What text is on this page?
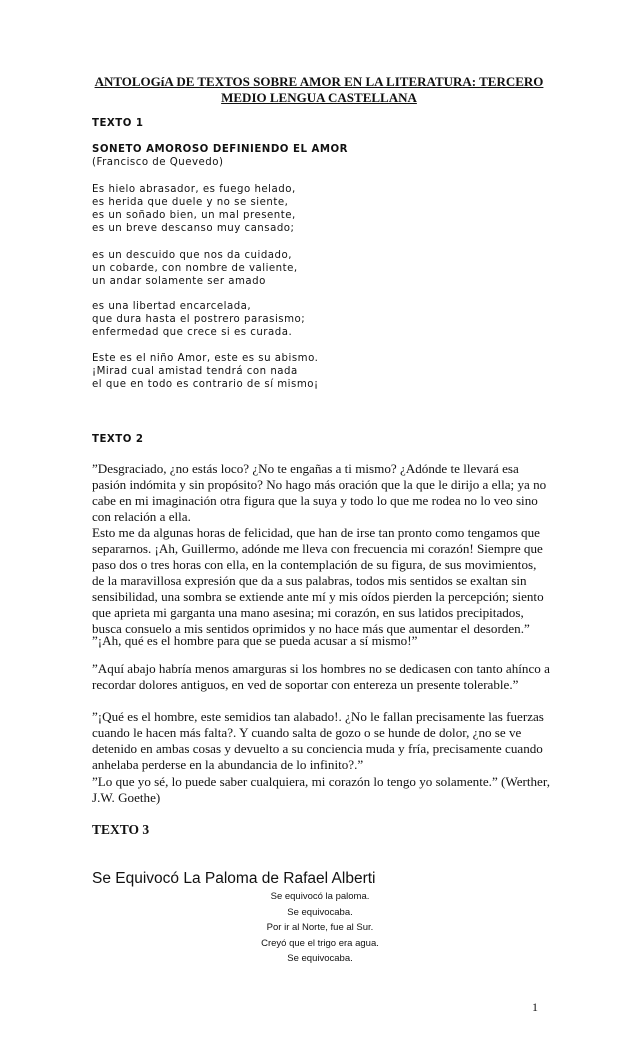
ANTOLOGíA DE TEXTOS SOBRE AMOR EN LA LITERATURA: TERCERO
MEDIO LENGUA CASTELLANA
TEXTO 1
SONETO AMOROSO DEFINIENDO EL AMOR
(Francisco de Quevedo)
Es hielo abrasador, es fuego helado,
es herida que duele y no se siente,
es un soñado bien, un mal presente,
es un breve descanso muy cansado;
es un descuido que nos da cuidado,
un cobarde, con nombre de valiente,
un andar solamente ser amado
es una libertad encarcelada,
que dura hasta el postrero parasismo;
enfermedad que crece si es curada.
Este es el niño Amor, este es su abismo.
¡Mirad cual amistad tendrá con nada
el que en todo es contrario de sí mismo¡
TEXTO 2
”Desgraciado, ¿no estás loco? ¿No te engañas a ti mismo? ¿Adónde te llevará esa pasión indómita y sin propósito? No hago más oración que la que le dirijo a ella; ya no cabe en mi imaginación otra figura que la suya y todo lo que me rodea no lo veo sino con relación a ella.
Esto me da algunas horas de felicidad, que han de irse tan pronto como tengamos que separarnos. ¡Ah, Guillermo, adónde me lleva con frecuencia mi corazón! Siempre que paso dos o tres horas con ella, en la contemplación de su figura, de sus movimientos, de la maravillosa expresión que da a sus palabras, todos mis sentidos se exaltan sin sensibilidad, una sombra se extiende ante mí y mis oídos pierden la percepción; siento que aprieta mi garganta una mano asesina; mi corazón, en sus latidos precipitados, busca consuelo a mis sentidos oprimidos y no hace más que aumentar el desorden.”
”¡Ah, qué es el hombre para que se pueda acusar a sí mismo!”
”Aquí abajo habría menos amarguras si los hombres no se dedicasen con tanto ahínco a recordar dolores antiguos, en ved de soportar con entereza un presente tolerable.”
”¡Qué es el hombre, este semidios tan alabado!. ¿No le fallan precisamente las fuerzas cuando le hacen más falta?. Y cuando salta de gozo o se hunde de dolor, ¿no se ve detenido en ambas cosas y devuelto a su conciencia muda y fría, precisamente cuando anhelaba perderse en la abundancia de lo infinito?.”
”Lo que yo sé, lo puede saber cualquiera, mi corazón lo tengo yo solamente.” (Werther, J.W. Goethe)
TEXTO 3
Se Equivocó La Paloma de Rafael Alberti
Se equivocó la paloma.
Se equivocaba.
Por ir al Norte, fue al Sur.
Creyó que el trigo era agua.
Se equivocaba.
1
